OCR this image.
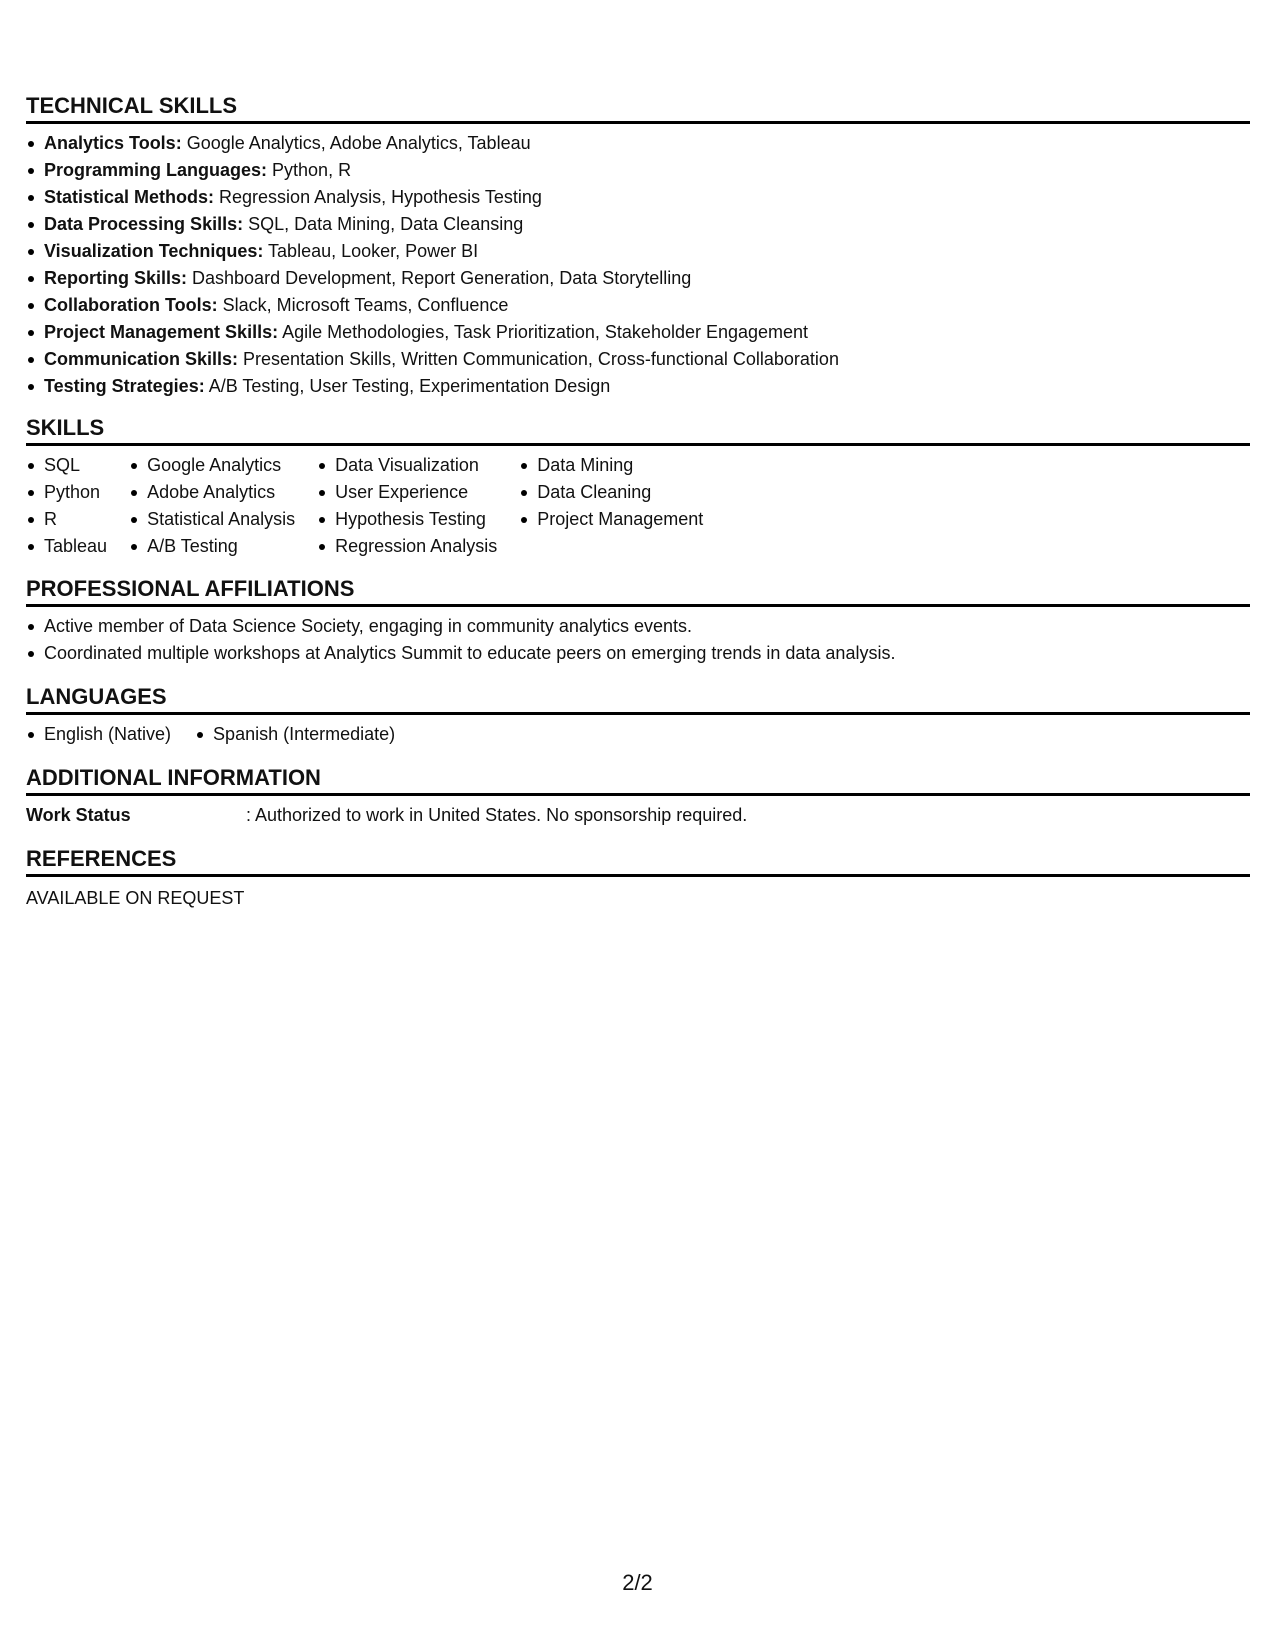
TECHNICAL SKILLS
Analytics Tools: Google Analytics, Adobe Analytics, Tableau
Programming Languages: Python, R
Statistical Methods: Regression Analysis, Hypothesis Testing
Data Processing Skills: SQL, Data Mining, Data Cleansing
Visualization Techniques: Tableau, Looker, Power BI
Reporting Skills: Dashboard Development, Report Generation, Data Storytelling
Collaboration Tools: Slack, Microsoft Teams, Confluence
Project Management Skills: Agile Methodologies, Task Prioritization, Stakeholder Engagement
Communication Skills: Presentation Skills, Written Communication, Cross-functional Collaboration
Testing Strategies: A/B Testing, User Testing, Experimentation Design
SKILLS
SQL
Python
R
Tableau
Google Analytics
Adobe Analytics
Statistical Analysis
A/B Testing
Data Visualization
User Experience
Hypothesis Testing
Regression Analysis
Data Mining
Data Cleaning
Project Management
PROFESSIONAL AFFILIATIONS
Active member of Data Science Society, engaging in community analytics events.
Coordinated multiple workshops at Analytics Summit to educate peers on emerging trends in data analysis.
LANGUAGES
English (Native)	Spanish (Intermediate)
ADDITIONAL INFORMATION
Work Status	: Authorized to work in United States. No sponsorship required.
REFERENCES
AVAILABLE ON REQUEST
2/2
